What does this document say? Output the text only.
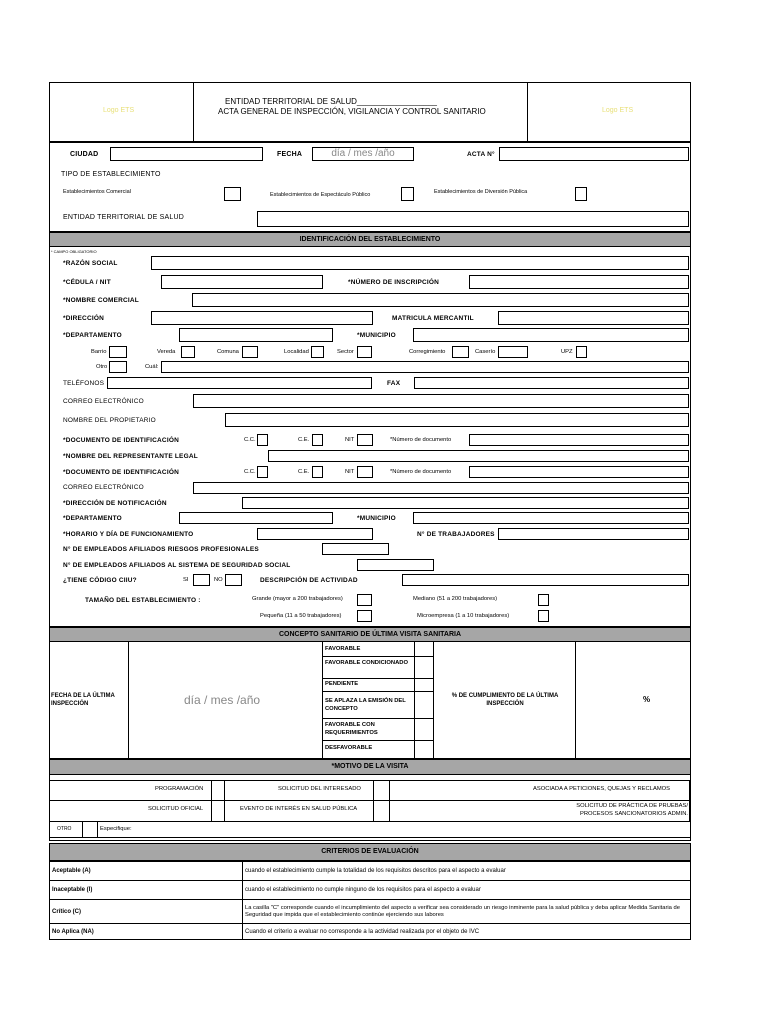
Logo ETS	Logo ETS
ENTIDAD TERRITORIAL DE SALUD__________________
ACTA GENERAL DE INSPECCIÓN, VIGILANCIA Y CONTROL SANITARIO
CIUDAD	FECHA	día / mes /año	ACTA N°
TIPO DE ESTABLECIMIENTO
Establecimientos Comercial	Establecimientos de Espectáculo Público	Establecimientos de Diversión Pública
ENTIDAD TERRITORIAL DE SALUD
IDENTIFICACIÓN DEL ESTABLECIMIENTO
* CAMPO OBLIGATORIO
*RAZÓN SOCIAL
*CÉDULA / NIT	*NÚMERO DE INSCRIPCIÓN
*NOMBRE COMERCIAL
*DIRECCIÓN	MATRICULA MERCANTIL
*DEPARTAMENTO	*MUNICIPIO
Barrio	Vereda	Comuna	Localidad	Sector	Corregimiento	Caserío	UPZ
Otro	Cuál:
TELÉFONOS	FAX
CORREO ELECTRÓNICO
NOMBRE DEL PROPIETARIO
*DOCUMENTO DE IDENTIFICACIÓN	C.C.	C.E.	NIT	*Número de documento
*NOMBRE DEL REPRESENTANTE LEGAL
*DOCUMENTO DE IDENTIFICACIÓN	C.C.	C.E.	NIT	*Número de documento
CORREO ELECTRÓNICO
*DIRECCIÓN DE NOTIFICACIÓN
*DEPARTAMENTO	*MUNICIPIO
*HORARIO Y DÍA DE FUNCIONAMIENTO	N° DE TRABAJADORES
N° DE EMPLEADOS AFILIADOS RIESGOS PROFESIONALES
N° DE EMPLEADOS AFILIADOS AL SISTEMA DE SEGURIDAD SOCIAL
¿TIENE CÓDIGO CIIU?	SI	NO	DESCRIPCIÓN DE ACTIVIDAD
TAMAÑO DEL ESTABLECIMIENTO :	Grande (mayor a 200 trabajadores)	Mediano (51 a 200 trabajadores)
Pequeña (11 a 50 trabajadores)	Microempresa (1 a 10 trabajadores)
CONCEPTO SANITARIO DE ÚLTIMA VISITA SANITARIA
FECHA DE LA ÚLTIMA INSPECCIÓN	día / mes /año
FAVORABLE
FAVORABLE CONDICIONADO
PENDIENTE
SE APLAZA LA EMISIÓN DEL CONCEPTO
FAVORABLE CON REQUERIMIENTOS
DESFAVORABLE
% DE CUMPLIMIENTO DE LA ÚLTIMA INSPECCIÓN	%
*MOTIVO DE LA VISITA
PROGRAMACIÓN	SOLICITUD DEL INTERESADO	ASOCIADA A PETICIONES, QUEJAS Y RECLAMOS
SOLICITUD OFICIAL	EVENTO DE INTERÉS EN SALUD PÚBLICA	SOLICITUD DE PRÁCTICA DE PRUEBAS/ PROCESOS SANCIONATORIOS ADMIN.
OTRO	Especifique:
CRITERIOS DE EVALUACIÓN
Aceptable (A)	cuando el establecimiento cumple la totalidad de los requisitos descritos para el aspecto a evaluar
Inaceptable (I)	cuando el establecimiento no cumple ninguno de los requisitos para el aspecto a evaluar
Crítico (C)	La casilla "C" corresponde cuando el incumplimiento del aspecto a verificar sea considerado un riesgo inminente para la salud pública y deba aplicar Medida Sanitaria de Seguridad que impida que el establecimiento continúe ejerciendo sus labores
No Aplica (NA)	Cuando el criterio a evaluar no corresponde a la actividad realizada por el objeto de IVC
